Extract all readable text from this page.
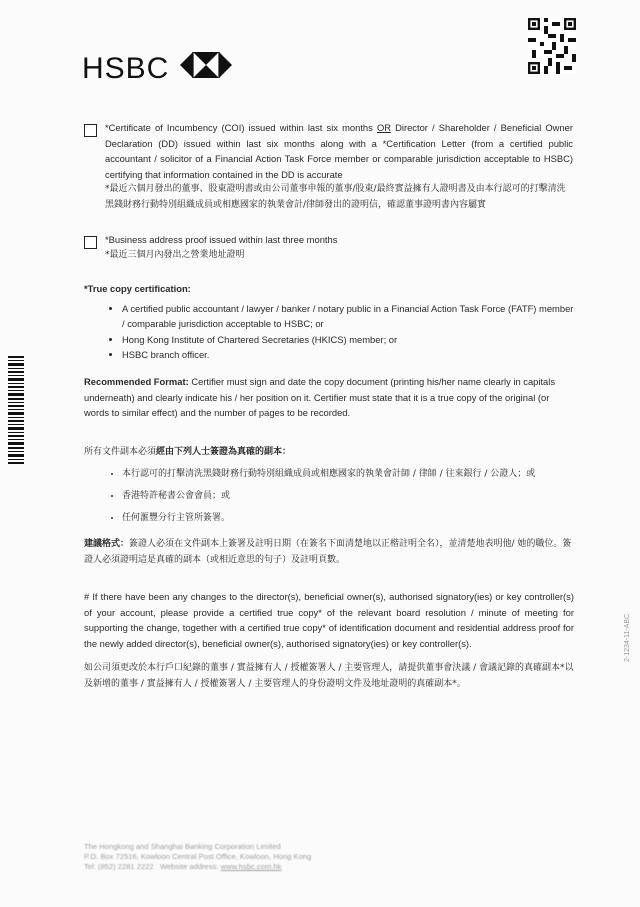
HSBC
2-1234-11-ABC

*Certificate of Incumbency (COI) issued within last six months OR Director / Shareholder / Beneficial Owner Declaration (DD) issued within last six months along with a *Certification Letter (from a certified public accountant / solicitor of a Financial Action Task Force member or comparable jurisdiction acceptable to HSBC) certifying that information contained in the DD is accurate

*最近六個月發出的董事、股東證明書或由公司董事申報的董事/股東/最終實益擁有人證明書及由本行認可的打擊清洗黑錢財務行動特別組織成員或相應國家的執業會計/律師發出的證明信，確認董事證明書內容屬實

*Business address proof issued within last three months

*最近三個月內發出之營業地址證明

*True copy certification:

• A certified public accountant / lawyer / banker / notary public in a Financial Action Task Force (FATF) member / comparable jurisdiction acceptable to HSBC; or
• Hong Kong Institute of Chartered Secretaries (HKICS) member; or
• HSBC branch officer.

Recommended Format: Certifier must sign and date the copy document (printing his/her name clearly in capitals underneath) and clearly indicate his / her position on it. Certifier must state that it is a true copy of the original (or words to similar effect) and the number of pages to be recorded.

所有文件副本必須經由下列人士簽證為真確的副本：

• 本行認可的打擊清洗黑錢財務行動特別組織成員或相應國家的執業會計師 / 律師 / 往來銀行 / 公證人；或
• 香港特許秘書公會會員；或
• 任何滙豐分行主管所簽署。

建議格式：簽證人必須在文件副本上簽署及註明日期（在簽名下面清楚地以正楷註明全名），並清楚地表明他/ 她的職位。簽證人必須證明這是真確的副本（或相近意思的句子）及註明頁數。

# If there have been any changes to the director(s), beneficial owner(s), authorised signatory(ies) or key controller(s) of your account, please provide a certified true copy* of the relevant board resolution / minute of meeting for supporting the change, together with a certified true copy* of identification document and residential address proof for the newly added director(s), beneficial owner(s), authorised signatory(ies) or key controller(s).

如公司須更改於本行戶口紀錄的董事 / 實益擁有人 / 授權簽署人 / 主要管理人，請提供董事會決議 / 會議記錄的真確副本*以及新增的董事 / 實益擁有人 / 授權簽署人 / 主要管理人的身份證明文件及地址證明的真確副本*。

The Hongkong and Shanghai Banking Corporation Limited
P.O. Box 72516, Kowloon Central Post Office, Kowloon, Hong Kong
Tel: (852) 2281 2222 Website address: www.hsbc.com.hk
